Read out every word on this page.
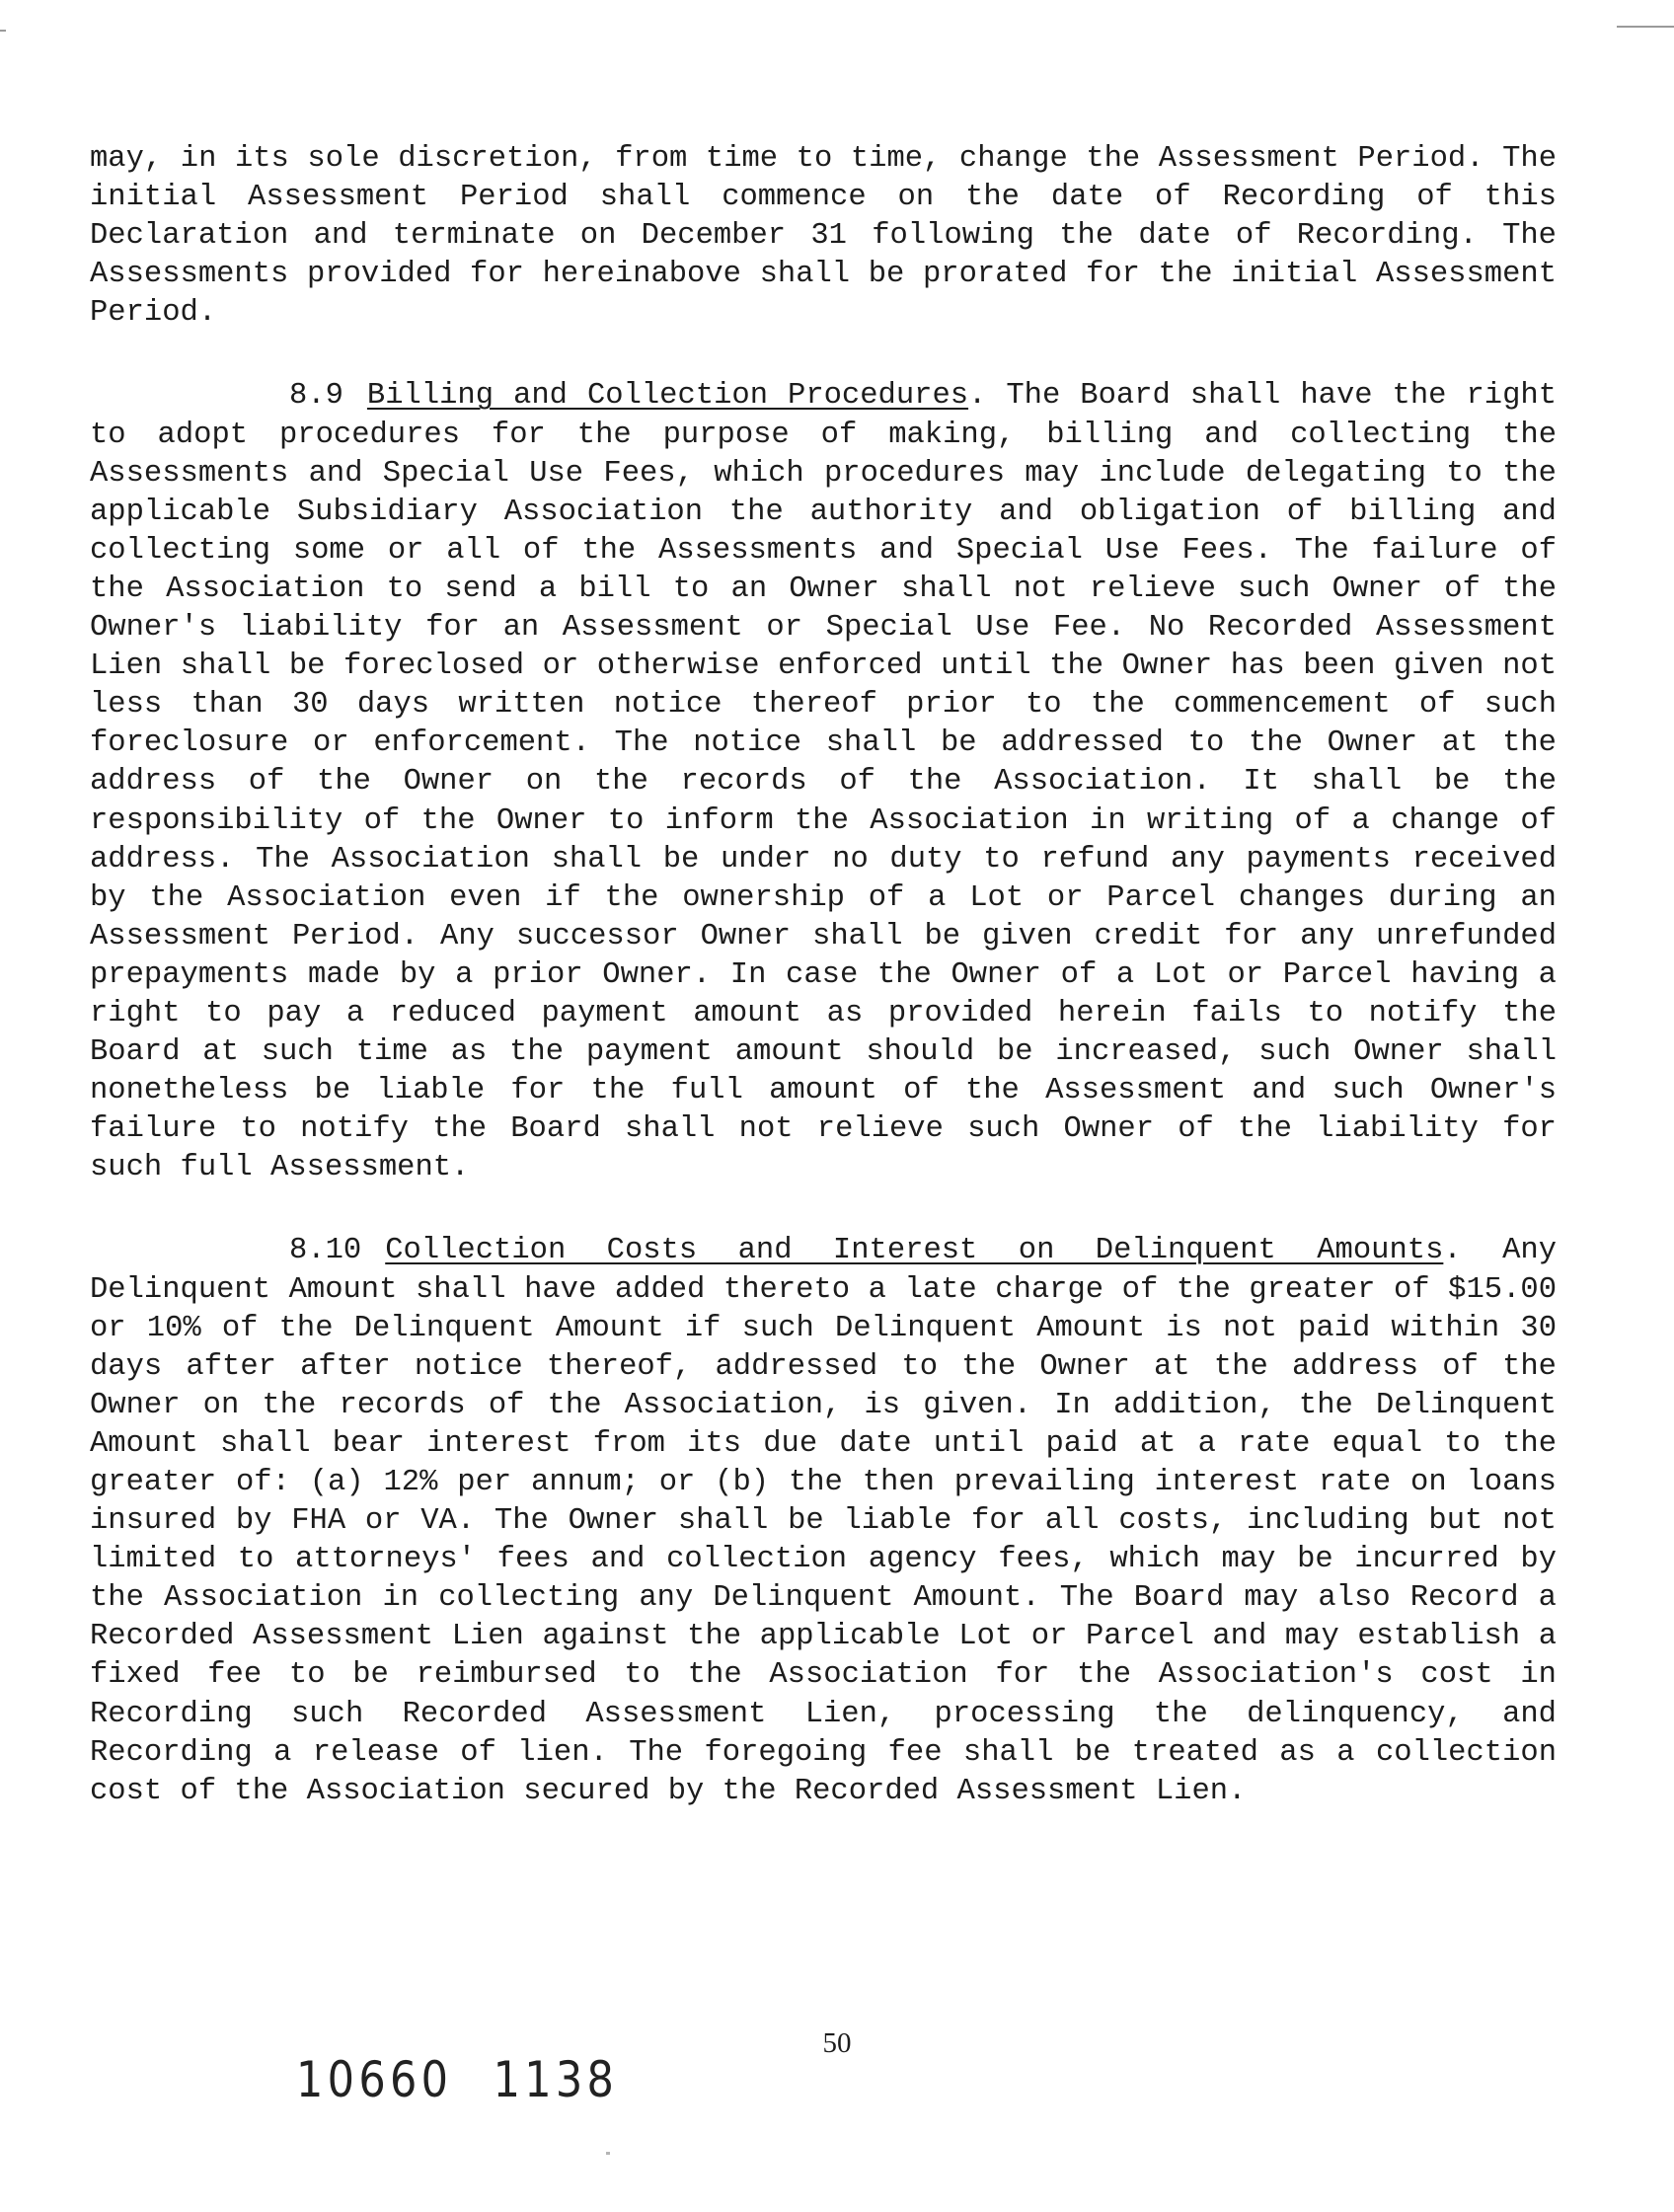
may, in its sole discretion, from time to time, change the Assessment Period. The initial Assessment Period shall commence on the date of Recording of this Declaration and terminate on December 31 following the date of Recording. The Assessments provided for hereinabove shall be prorated for the initial Assessment Period.

8.9 Billing and Collection Procedures. The Board shall have the right to adopt procedures for the purpose of making, billing and collecting the Assessments and Special Use Fees, which procedures may include delegating to the applicable Subsidiary Association the authority and obligation of billing and collecting some or all of the Assessments and Special Use Fees. The failure of the Association to send a bill to an Owner shall not relieve such Owner of the Owner's liability for an Assessment or Special Use Fee. No Recorded Assessment Lien shall be foreclosed or otherwise enforced until the Owner has been given not less than 30 days written notice thereof prior to the commencement of such foreclosure or enforcement. The notice shall be addressed to the Owner at the address of the Owner on the records of the Association. It shall be the responsibility of the Owner to inform the Association in writing of a change of address. The Association shall be under no duty to refund any payments received by the Association even if the ownership of a Lot or Parcel changes during an Assessment Period. Any successor Owner shall be given credit for any unrefunded prepayments made by a prior Owner. In case the Owner of a Lot or Parcel having a right to pay a reduced payment amount as provided herein fails to notify the Board at such time as the payment amount should be increased, such Owner shall nonetheless be liable for the full amount of the Assessment and such Owner's failure to notify the Board shall not relieve such Owner of the liability for such full Assessment.

8.10 Collection Costs and Interest on Delinquent Amounts. Any Delinquent Amount shall have added thereto a late charge of the greater of $15.00 or 10% of the Delinquent Amount if such Delinquent Amount is not paid within 30 days after after notice thereof, addressed to the Owner at the address of the Owner on the records of the Association, is given. In addition, the Delinquent Amount shall bear interest from its due date until paid at a rate equal to the greater of: (a) 12% per annum; or (b) the then prevailing interest rate on loans insured by FHA or VA. The Owner shall be liable for all costs, including but not limited to attorneys' fees and collection agency fees, which may be incurred by the Association in collecting any Delinquent Amount. The Board may also Record a Recorded Assessment Lien against the applicable Lot or Parcel and may establish a fixed fee to be reimbursed to the Association for the Association's cost in Recording such Recorded Assessment Lien, processing the delinquency, and Recording a release of lien. The foregoing fee shall be treated as a collection cost of the Association secured by the Recorded Assessment Lien.

50
10660 1138
